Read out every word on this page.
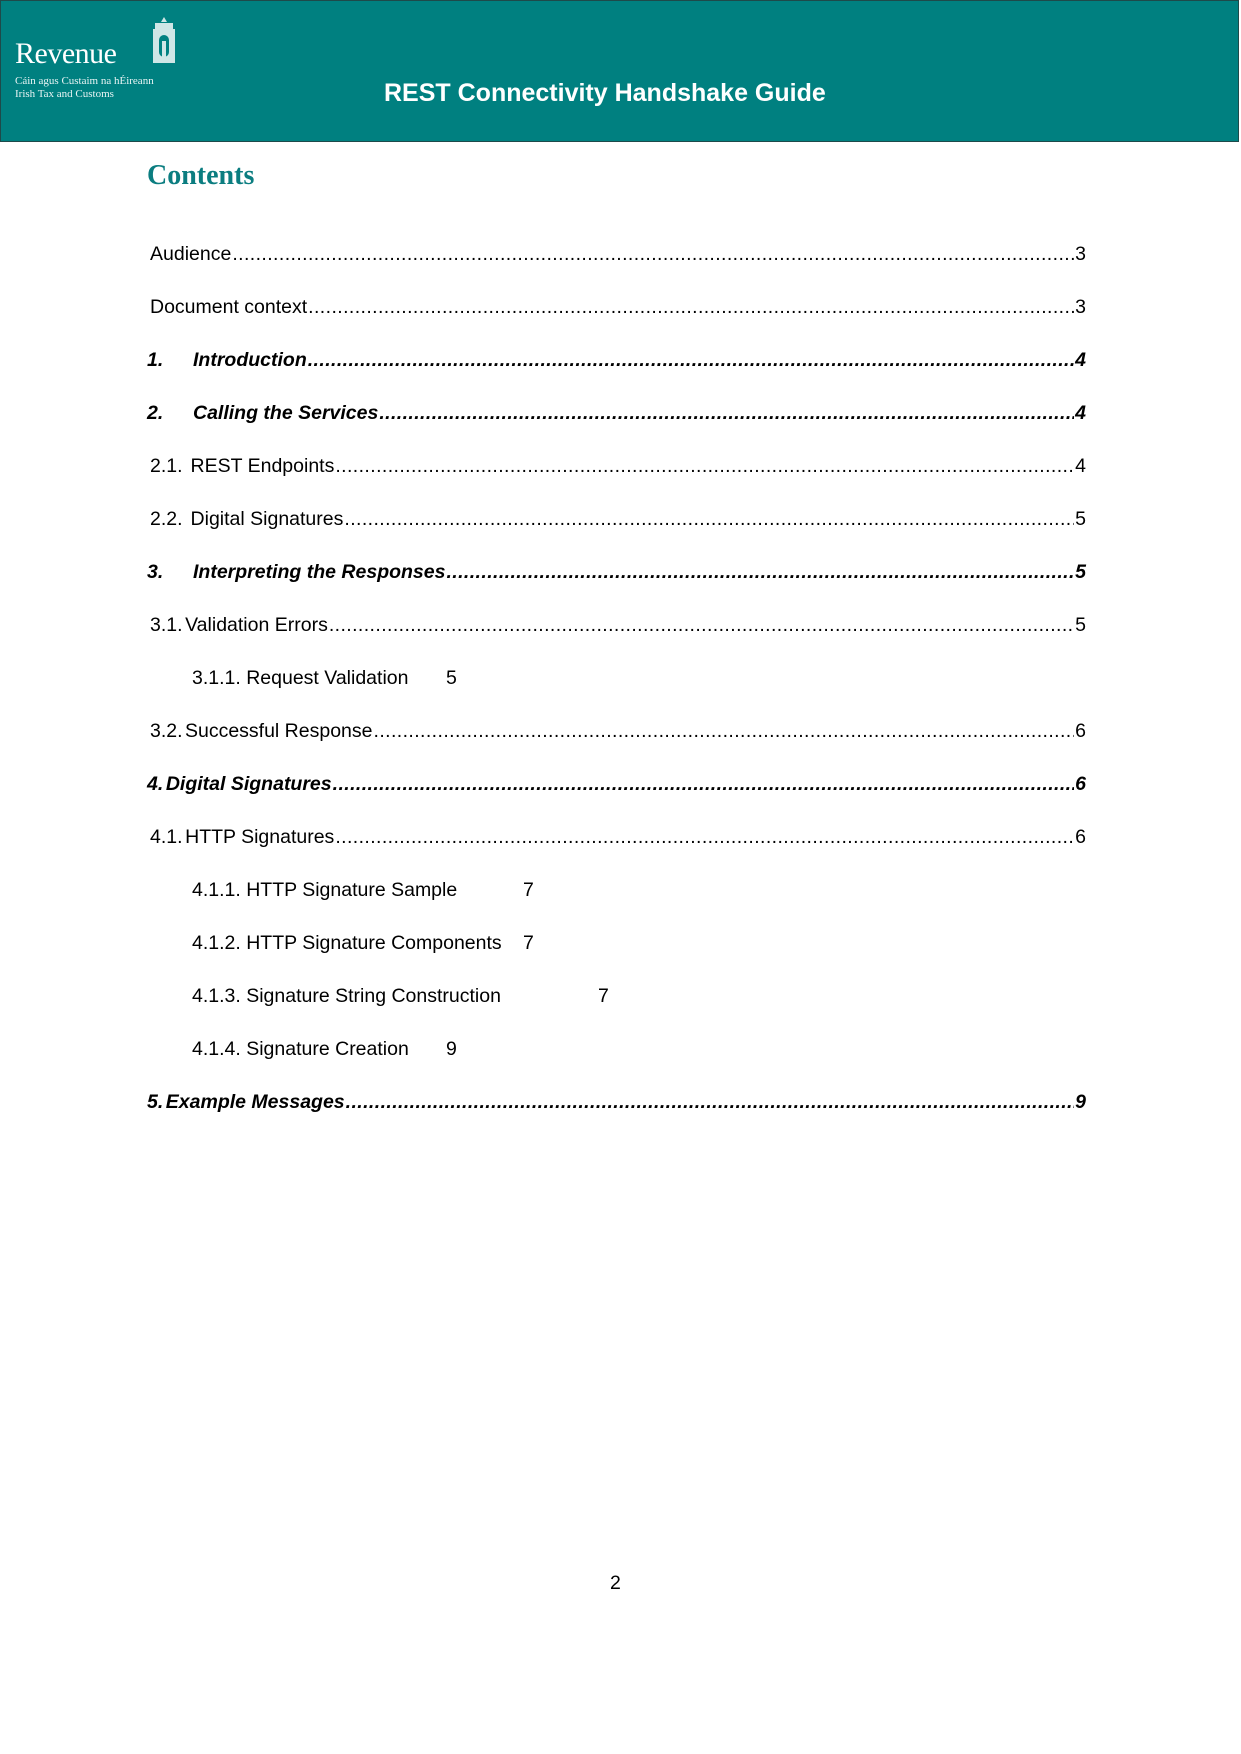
Revenue
Cáin agus Custaim na hÉireann
Irish Tax and Customs	REST Connectivity Handshake Guide
Contents
Audience .....	3
Document context .....	3
1.	Introduction .....	4
2.	Calling the Services .....	4
2.1. REST Endpoints .....	4
2.2. Digital Signatures .....	5
3.	Interpreting the Responses .....	5
3.1. Validation Errors .....	5
3.1.1. Request Validation 5
3.2. Successful Response .....	6
4. Digital Signatures .....	6
4.1. HTTP Signatures .....	6
4.1.1. HTTP Signature Sample	7
4.1.2. HTTP Signature Components 7
4.1.3. Signature String Construction	7
4.1.4. Signature Creation 9
5. Example Messages .....	9
2
